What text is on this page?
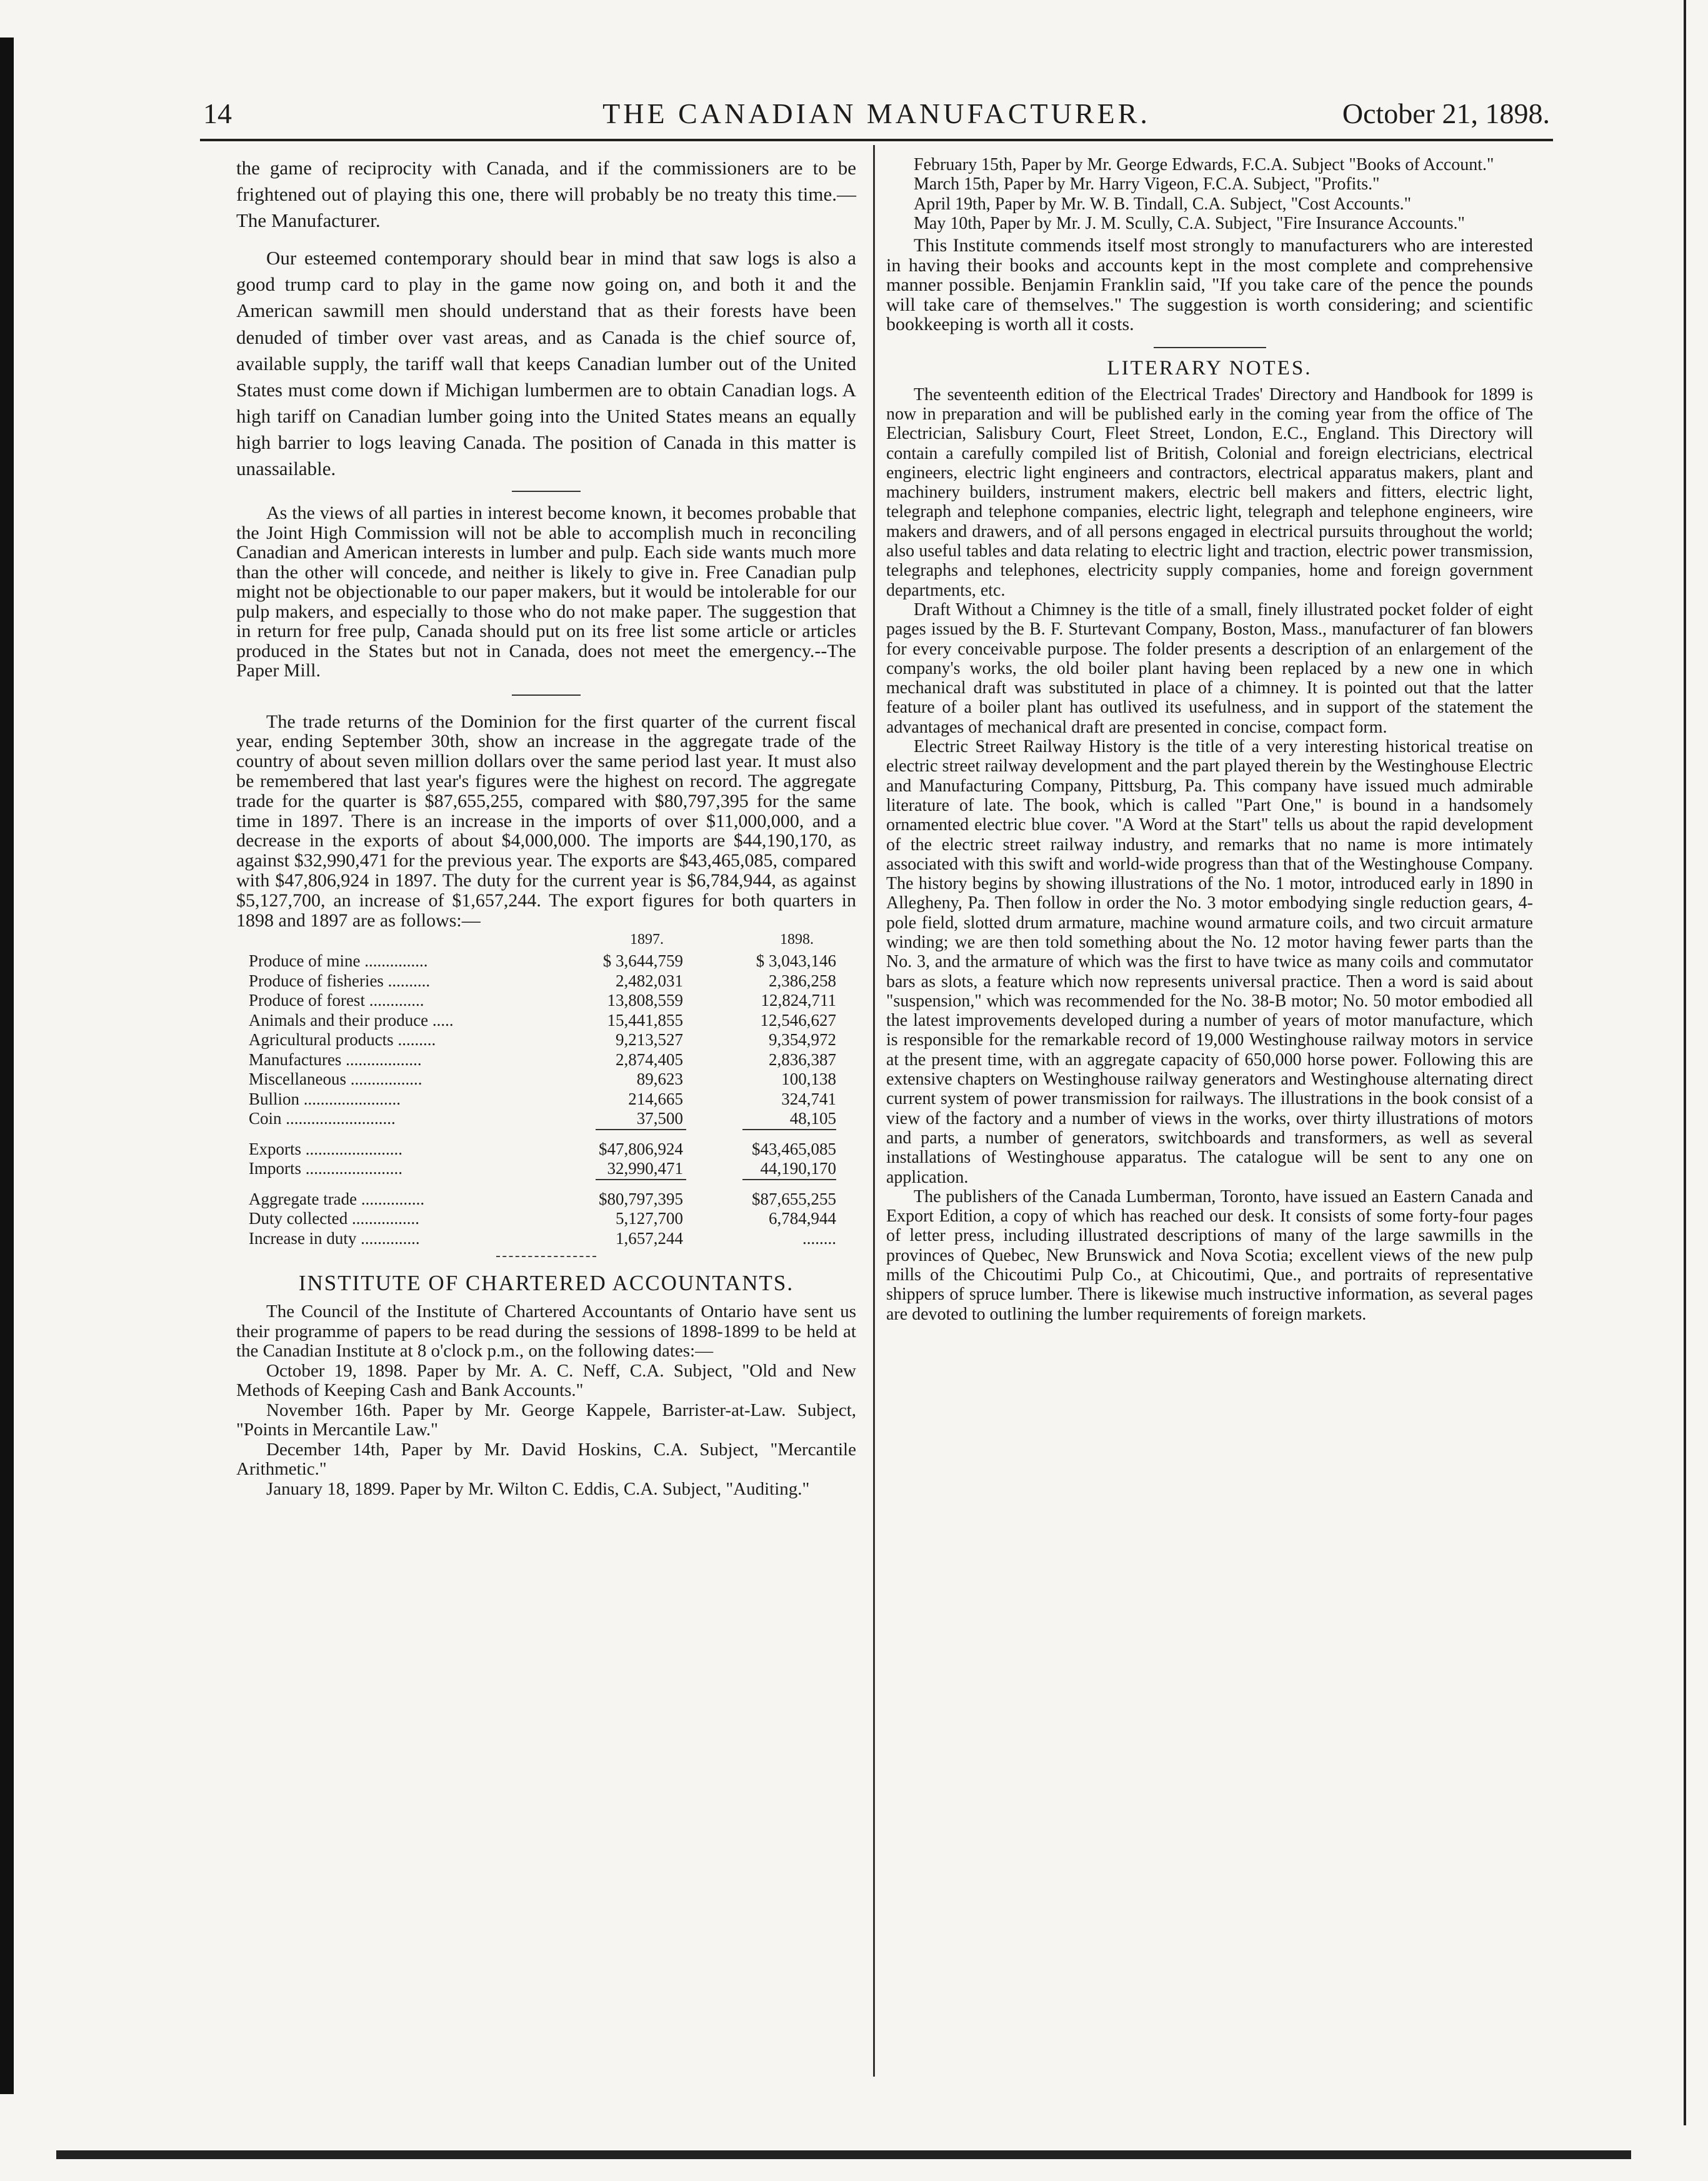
14	THE CANADIAN MANUFACTURER.	October 21, 1898.

the game of reciprocity with Canada, and if the commissioners are to be frightened out of playing this one, there will probably be no treaty this time.—The Manufacturer.

Our esteemed contemporary should bear in mind that saw logs is also a good trump card to play in the game now going on, and both it and the American sawmill men should understand that as their forests have been denuded of timber over vast areas, and as Canada is the chief source of, available supply, the tariff wall that keeps Canadian lumber out of the United States must come down if Michigan lumbermen are to obtain Canadian logs. A high tariff on Canadian lumber going into the United States means an equally high barrier to logs leaving Canada. The position of Canada in this matter is unassailable.

As the views of all parties in interest become known, it becomes probable that the Joint High Commission will not be able to accomplish much in reconciling Canadian and American interests in lumber and pulp. Each side wants much more than the other will concede, and neither is likely to give in. Free Canadian pulp might not be objectionable to our paper makers, but it would be intolerable for our pulp makers, and especially to those who do not make paper. The suggestion that in return for free pulp, Canada should put on its free list some article or articles produced in the States but not in Canada, does not meet the emergency.--The Paper Mill.

The trade returns of the Dominion for the first quarter of the current fiscal year, ending September 30th, show an increase in the aggregate trade of the country of about seven million dollars over the same period last year. It must also be remembered that last year's figures were the highest on record. The aggregate trade for the quarter is $87,655,255, compared with $80,797,395 for the same time in 1897. There is an increase in the imports of over $11,000,000, and a decrease in the exports of about $4,000,000. The imports are $44,190,170, as against $32,990,471 for the previous year. The exports are $43,465,085, compared with $47,806,924 in 1897. The duty for the current year is $6,784,944, as against $5,127,700, an increase of $1,657,244. The export figures for both quarters in 1898 and 1897 are as follows:—

1897.	1898.
Produce of mine ...............	$ 3,644,759	$ 3,043,146
Produce of fisheries ..........	2,482,031	2,386,258
Produce of forest .............	13,808,559	12,824,711
Animals and their produce .....	15,441,855	12,546,627
Agricultural products .........	9,213,527	9,354,972
Manufactures ..................	2,874,405	2,836,387
Miscellaneous .................	89,623	100,138
Bullion .......................	214,665	324,741
Coin ..........................	37,500	48,105
Exports .......................	$47,806,924	$43,465,085
Imports .......................	32,990,471	44,190,170
Aggregate trade ...............	$80,797,395	$87,655,255
Duty collected ................	5,127,700	6,784,944
Increase in duty ..............	1,657,244	........
INSTITUTE OF CHARTERED ACCOUNTANTS.

The Council of the Institute of Chartered Accountants of Ontario have sent us their programme of papers to be read during the sessions of 1898-1899 to be held at the Canadian Institute at 8 o'clock p.m., on the following dates:—

October 19, 1898. Paper by Mr. A. C. Neff, C.A. Subject, "Old and New Methods of Keeping Cash and Bank Accounts."

November 16th. Paper by Mr. George Kappele, Barrister-at-Law. Subject, "Points in Mercantile Law."

December 14th, Paper by Mr. David Hoskins, C.A. Subject, "Mercantile Arithmetic."

January 18, 1899. Paper by Mr. Wilton C. Eddis, C.A. Subject, "Auditing."

February 15th, Paper by Mr. George Edwards, F.C.A. Subject "Books of Account."

March 15th, Paper by Mr. Harry Vigeon, F.C.A. Subject, "Profits."

April 19th, Paper by Mr. W. B. Tindall, C.A. Subject, "Cost Accounts."

May 10th, Paper by Mr. J. M. Scully, C.A. Subject, "Fire Insurance Accounts."

This Institute commends itself most strongly to manufacturers who are interested in having their books and accounts kept in the most complete and comprehensive manner possible. Benjamin Franklin said, "If you take care of the pence the pounds will take care of themselves." The suggestion is worth considering; and scientific bookkeeping is worth all it costs.

LITERARY NOTES.

The seventeenth edition of the Electrical Trades' Directory and Handbook for 1899 is now in preparation and will be published early in the coming year from the office of The Electrician, Salisbury Court, Fleet Street, London, E.C., England. This Directory will contain a carefully compiled list of British, Colonial and foreign electricians, electrical engineers, electric light engineers and contractors, electrical apparatus makers, plant and machinery builders, instrument makers, electric bell makers and fitters, electric light, telegraph and telephone companies, electric light, telegraph and telephone engineers, wire makers and drawers, and of all persons engaged in electrical pursuits throughout the world; also useful tables and data relating to electric light and traction, electric power transmission, telegraphs and telephones, electricity supply companies, home and foreign government departments, etc.

Draft Without a Chimney is the title of a small, finely illustrated pocket folder of eight pages issued by the B. F. Sturtevant Company, Boston, Mass., manufacturer of fan blowers for every conceivable purpose. The folder presents a description of an enlargement of the company's works, the old boiler plant having been replaced by a new one in which mechanical draft was substituted in place of a chimney. It is pointed out that the latter feature of a boiler plant has outlived its usefulness, and in support of the statement the advantages of mechanical draft are presented in concise, compact form.

Electric Street Railway History is the title of a very interesting historical treatise on electric street railway development and the part played therein by the Westinghouse Electric and Manufacturing Company, Pittsburg, Pa. This company have issued much admirable literature of late. The book, which is called "Part One," is bound in a handsomely ornamented electric blue cover. "A Word at the Start" tells us about the rapid development of the electric street railway industry, and remarks that no name is more intimately associated with this swift and world-wide progress than that of the Westinghouse Company. The history begins by showing illustrations of the No. 1 motor, introduced early in 1890 in Allegheny, Pa. Then follow in order the No. 3 motor embodying single reduction gears, 4-pole field, slotted drum armature, machine wound armature coils, and two circuit armature winding; we are then told something about the No. 12 motor having fewer parts than the No. 3, and the armature of which was the first to have twice as many coils and commutator bars as slots, a feature which now represents universal practice. Then a word is said about "suspension," which was recommended for the No. 38-B motor; No. 50 motor embodied all the latest improvements developed during a number of years of motor manufacture, which is responsible for the remarkable record of 19,000 Westinghouse railway motors in service at the present time, with an aggregate capacity of 650,000 horse power. Following this are extensive chapters on Westinghouse railway generators and Westinghouse alternating direct current system of power transmission for railways. The illustrations in the book consist of a view of the factory and a number of views in the works, over thirty illustrations of motors and parts, a number of generators, switchboards and transformers, as well as several installations of Westinghouse apparatus. The catalogue will be sent to any one on application.

The publishers of the Canada Lumberman, Toronto, have issued an Eastern Canada and Export Edition, a copy of which has reached our desk. It consists of some forty-four pages of letter press, including illustrated descriptions of many of the large sawmills in the provinces of Quebec, New Brunswick and Nova Scotia; excellent views of the new pulp mills of the Chicoutimi Pulp Co., at Chicoutimi, Que., and portraits of representative shippers of spruce lumber. There is likewise much instructive information, as several pages are devoted to outlining the lumber requirements of foreign markets.
